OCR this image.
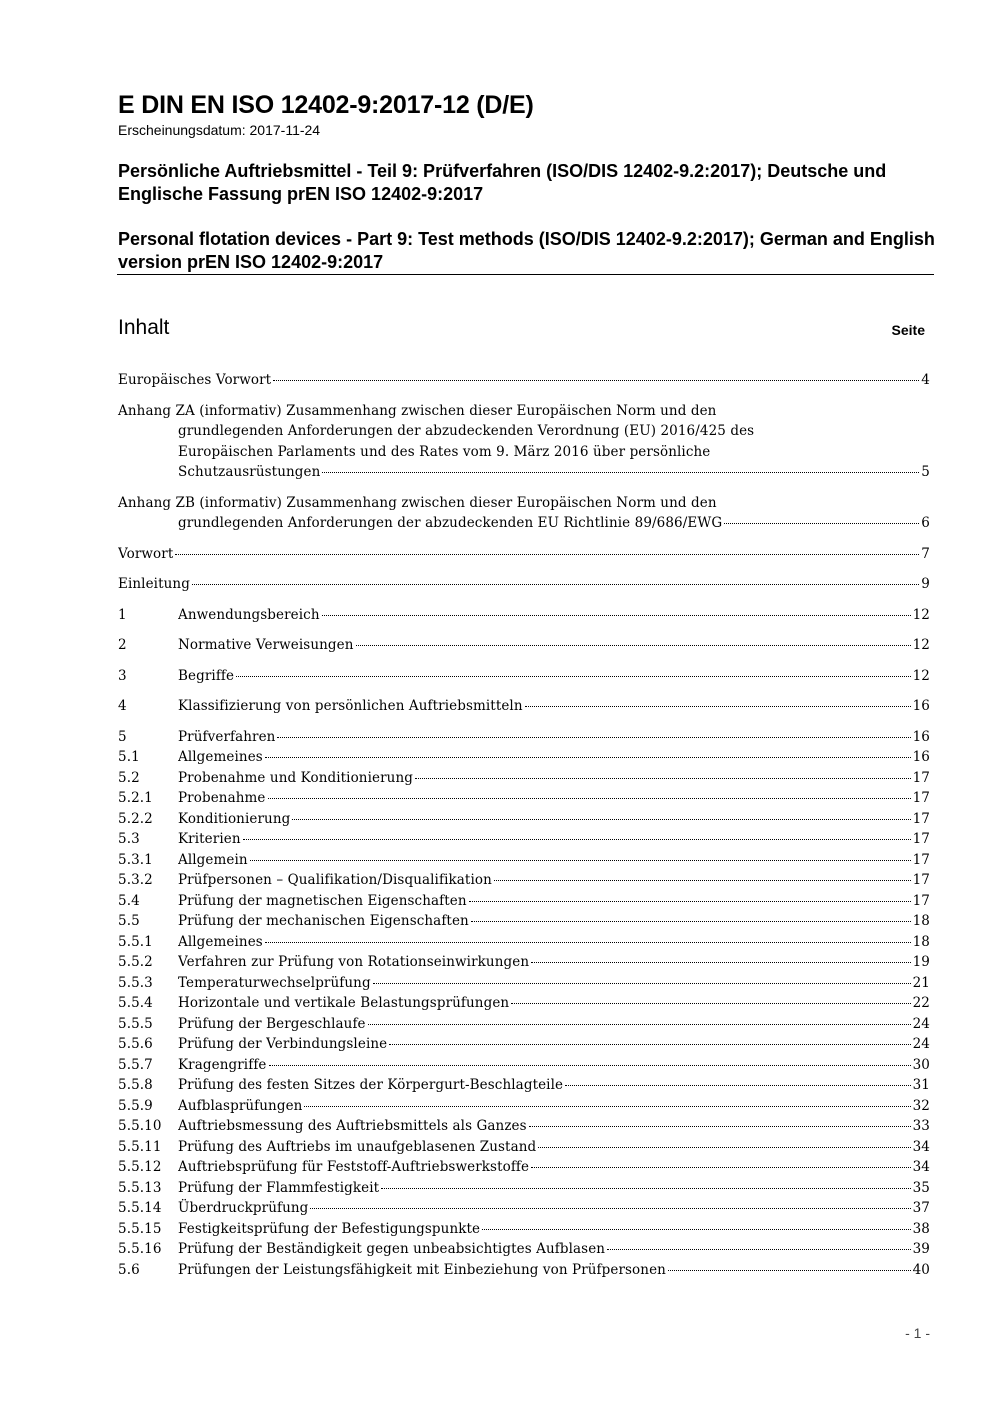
E DIN EN ISO 12402-9:2017-12 (D/E)
Erscheinungsdatum: 2017-11-24
Persönliche Auftriebsmittel - Teil 9: Prüfverfahren (ISO/DIS 12402-9.2:2017); Deutsche und Englische Fassung prEN ISO 12402-9:2017
Personal flotation devices - Part 9: Test methods (ISO/DIS 12402-9.2:2017); German and English version prEN ISO 12402-9:2017
Inhalt	Seite
Europäisches Vorwort	4
Anhang ZA (informativ) Zusammenhang zwischen dieser Europäischen Norm und den
grundlegenden Anforderungen der abzudeckenden Verordnung (EU) 2016/425 des
Europäischen Parlaments und des Rates vom 9. März 2016 über persönliche
Schutzausrüstungen	5
Anhang ZB (informativ) Zusammenhang zwischen dieser Europäischen Norm und den
grundlegenden Anforderungen der abzudeckenden EU Richtlinie 89/686/EWG	6
Vorwort	7
Einleitung	9
1	Anwendungsbereich	12
2	Normative Verweisungen	12
3	Begriffe	12
4	Klassifizierung von persönlichen Auftriebsmitteln	16
5	Prüfverfahren	16
5.1	Allgemeines	16
5.2	Probenahme und Konditionierung	17
5.2.1	Probenahme	17
5.2.2	Konditionierung	17
5.3	Kriterien	17
5.3.1	Allgemein	17
5.3.2	Prüfpersonen – Qualifikation/Disqualifikation	17
5.4	Prüfung der magnetischen Eigenschaften	17
5.5	Prüfung der mechanischen Eigenschaften	18
5.5.1	Allgemeines	18
5.5.2	Verfahren zur Prüfung von Rotationseinwirkungen	19
5.5.3	Temperaturwechselprüfung	21
5.5.4	Horizontale und vertikale Belastungsprüfungen	22
5.5.5	Prüfung der Bergeschlaufe	24
5.5.6	Prüfung der Verbindungsleine	24
5.5.7	Kragengriffe	30
5.5.8	Prüfung des festen Sitzes der Körpergurt-Beschlagteile	31
5.5.9	Aufblasprüfungen	32
5.5.10	Auftriebsmessung des Auftriebsmittels als Ganzes	33
5.5.11	Prüfung des Auftriebs im unaufgeblasenen Zustand	34
5.5.12	Auftriebsprüfung für Feststoff-Auftriebswerkstoffe	34
5.5.13	Prüfung der Flammfestigkeit	35
5.5.14	Überdruckprüfung	37
5.5.15	Festigkeitsprüfung der Befestigungspunkte	38
5.5.16	Prüfung der Beständigkeit gegen unbeabsichtigtes Aufblasen	39
5.6	Prüfungen der Leistungsfähigkeit mit Einbeziehung von Prüfpersonen	40
- 1 -
